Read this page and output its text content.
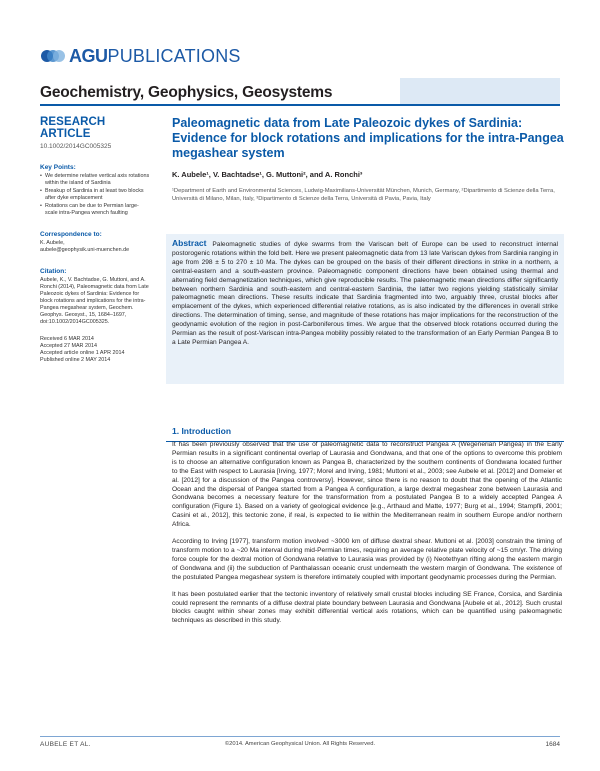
AGU PUBLICATIONS
Geochemistry, Geophysics, Geosystems
RESEARCH ARTICLE
10.1002/2014GC005325
Key Points:
• We determine relative vertical axis rotations within the island of Sardinia
• Breakup of Sardinia in at least two blocks after dyke emplacement
• Rotations can be due to Permian large-scale intra-Pangea wrench faulting
Correspondence to:
K. Aubele,
aubele@geophysik.uni-muenchen.de
Citation:
Aubele, K., V. Bachtadse, G. Muttoni, and A. Ronchi (2014), Paleomagnetic data from Late Paleozoic dykes of Sardinia: Evidence for block rotations and implications for the intra-Pangea megashear system, Geochem. Geophys. Geosyst., 15, 1684–1697, doi:10.1002/2014GC005325.
Received 6 MAR 2014
Accepted 27 MAR 2014
Accepted article online 1 APR 2014
Published online 2 MAY 2014
Paleomagnetic data from Late Paleozoic dykes of Sardinia: Evidence for block rotations and implications for the intra-Pangea megashear system
K. Aubele¹, V. Bachtadse¹, G. Muttoni², and A. Ronchi³
¹Department of Earth and Environmental Sciences, Ludwig-Maximilians-Universität München, Munich, Germany, ²Dipartimento di Scienze della Terra, Università di Milano, Milan, Italy, ³Dipartimento di Scienze della Terra, Università di Pavia, Pavia, Italy

Abstract Paleomagnetic studies of dyke swarms from the Variscan belt of Europe can be used to reconstruct internal postorogenic rotations within the fold belt. Here we present paleomagnetic data from 13 late Variscan dykes from Sardinia ranging in age from 298 ± 5 to 270 ± 10 Ma. The dykes can be grouped on the basis of their different directions in strike in a northern, a central-eastern and a south-eastern province. Paleomagnetic component directions have been obtained using thermal and alternating field demagnetization techniques, which give reproducible results. The paleomagnetic mean directions differ significantly between northern Sardinia and south-eastern and central-eastern Sardinia, the latter two regions yielding statistically similar paleomagnetic mean directions. These results indicate that Sardinia fragmented into two, arguably three, crustal blocks after emplacement of the dykes, which experienced differential relative rotations, as is also indicated by the differences in overall strike directions. The determination of timing, sense, and magnitude of these rotations has major implications for the reconstruction of the geodynamic evolution of the region in post-Carboniferous times. We argue that the observed block rotations occurred during the Permian as the result of post-Variscan intra-Pangea mobility possibly related to the transformation of an Early Permian Pangea B to a Late Permian Pangea A.

1. Introduction

It has been previously observed that the use of paleomagnetic data to reconstruct Pangea A (Wegenerian Pangea) in the Early Permian results in a significant continental overlap of Laurasia and Gondwana, and that one of the options to overcome this problem is to choose an alternative configuration known as Pangea B, characterized by the southern continents of Gondwana located further to the East with respect to Laurasia [Irving, 1977; Morel and Irving, 1981; Muttoni et al., 2003; see Aubele et al. [2012] and Domeier et al. [2012] for a discussion of the Pangea controversy]. However, since there is no reason to doubt that the opening of the Atlantic Ocean and the dispersal of Pangea started from a Pangea A configuration, a large dextral megashear zone between Laurasia and Gondwana becomes a necessary feature for the transformation from a postulated Pangea B to a widely accepted Pangea A configuration (Figure 1). Based on a variety of geological evidence [e.g., Arthaud and Matte, 1977; Burg et al., 1994; Stampfli, 2001; Casini et al., 2012], this tectonic zone, if real, is expected to lie within the Mediterranean realm in southern Europe and/or northern Africa.

According to Irving [1977], transform motion involved ~3000 km of diffuse dextral shear. Muttoni et al. [2003] constrain the timing of transform motion to a ~20 Ma interval during mid-Permian times, requiring an average relative plate velocity of ~15 cm/yr. The driving force couple for the dextral motion of Gondwana relative to Laurasia was provided by (i) Neotethyan rifting along the eastern margin of Gondwana and (ii) the subduction of Panthalassan oceanic crust underneath the western margin of Gondwana. The existence of the postulated Pangea megashear system is therefore intimately coupled with important geodynamic processes during the Permian.

It has been postulated earlier that the tectonic inventory of relatively small crustal blocks including SE France, Corsica, and Sardinia could represent the remnants of a diffuse dextral plate boundary between Laurasia and Gondwana [Aubele et al., 2012]. Such crustal blocks caught within shear zones may exhibit differential vertical axis rotations, which can be quantified using paleomagnetic techniques as described in this study.

AUBELE ET AL.	©2014. American Geophysical Union. All Rights Reserved.	1684
